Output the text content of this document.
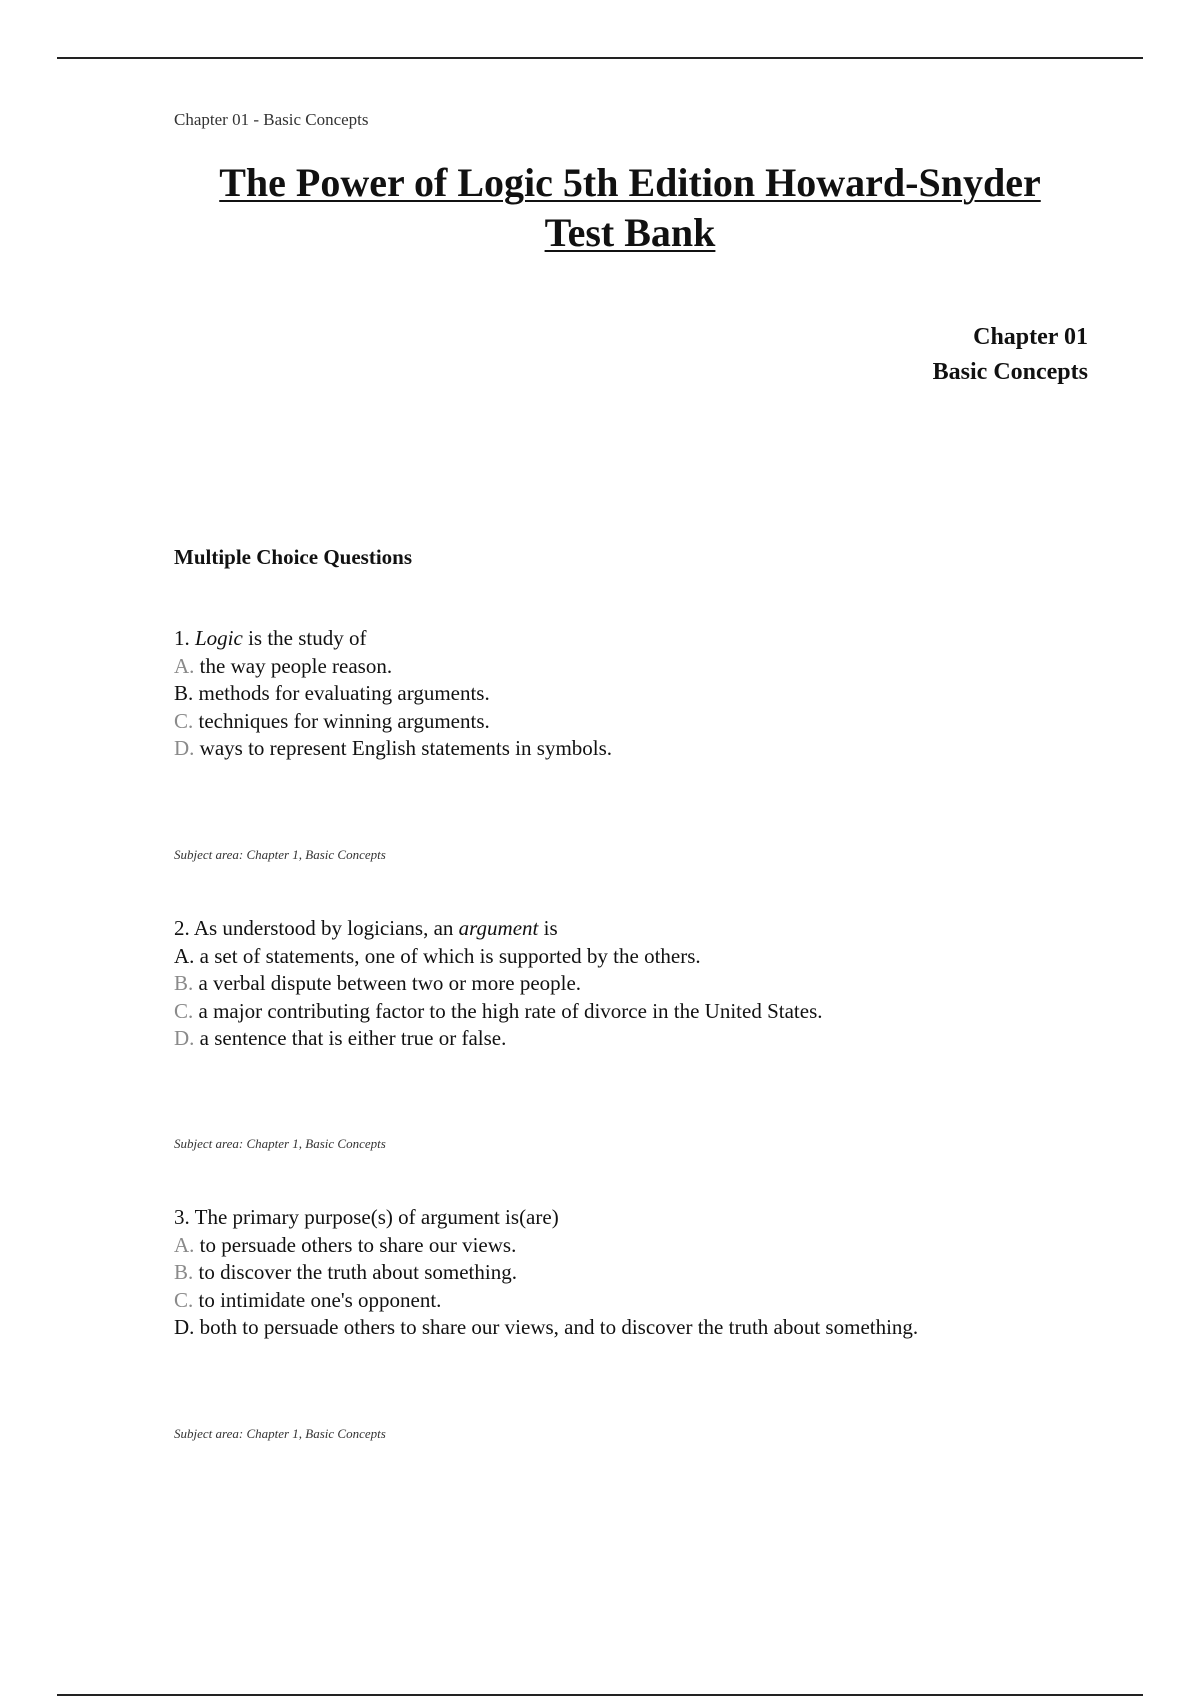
Chapter 01 - Basic Concepts
The Power of Logic 5th Edition Howard-Snyder
Test Bank
Chapter 01
Basic Concepts
Multiple Choice Questions
1. Logic is the study of
A. the way people reason.
B. methods for evaluating arguments.
C. techniques for winning arguments.
D. ways to represent English statements in symbols.
Subject area: Chapter 1, Basic Concepts
2. As understood by logicians, an argument is
A. a set of statements, one of which is supported by the others.
B. a verbal dispute between two or more people.
C. a major contributing factor to the high rate of divorce in the United States.
D. a sentence that is either true or false.
Subject area: Chapter 1, Basic Concepts
3. The primary purpose(s) of argument is(are)
A. to persuade others to share our views.
B. to discover the truth about something.
C. to intimidate one's opponent.
D. both to persuade others to share our views, and to discover the truth about something.
Subject area: Chapter 1, Basic Concepts
